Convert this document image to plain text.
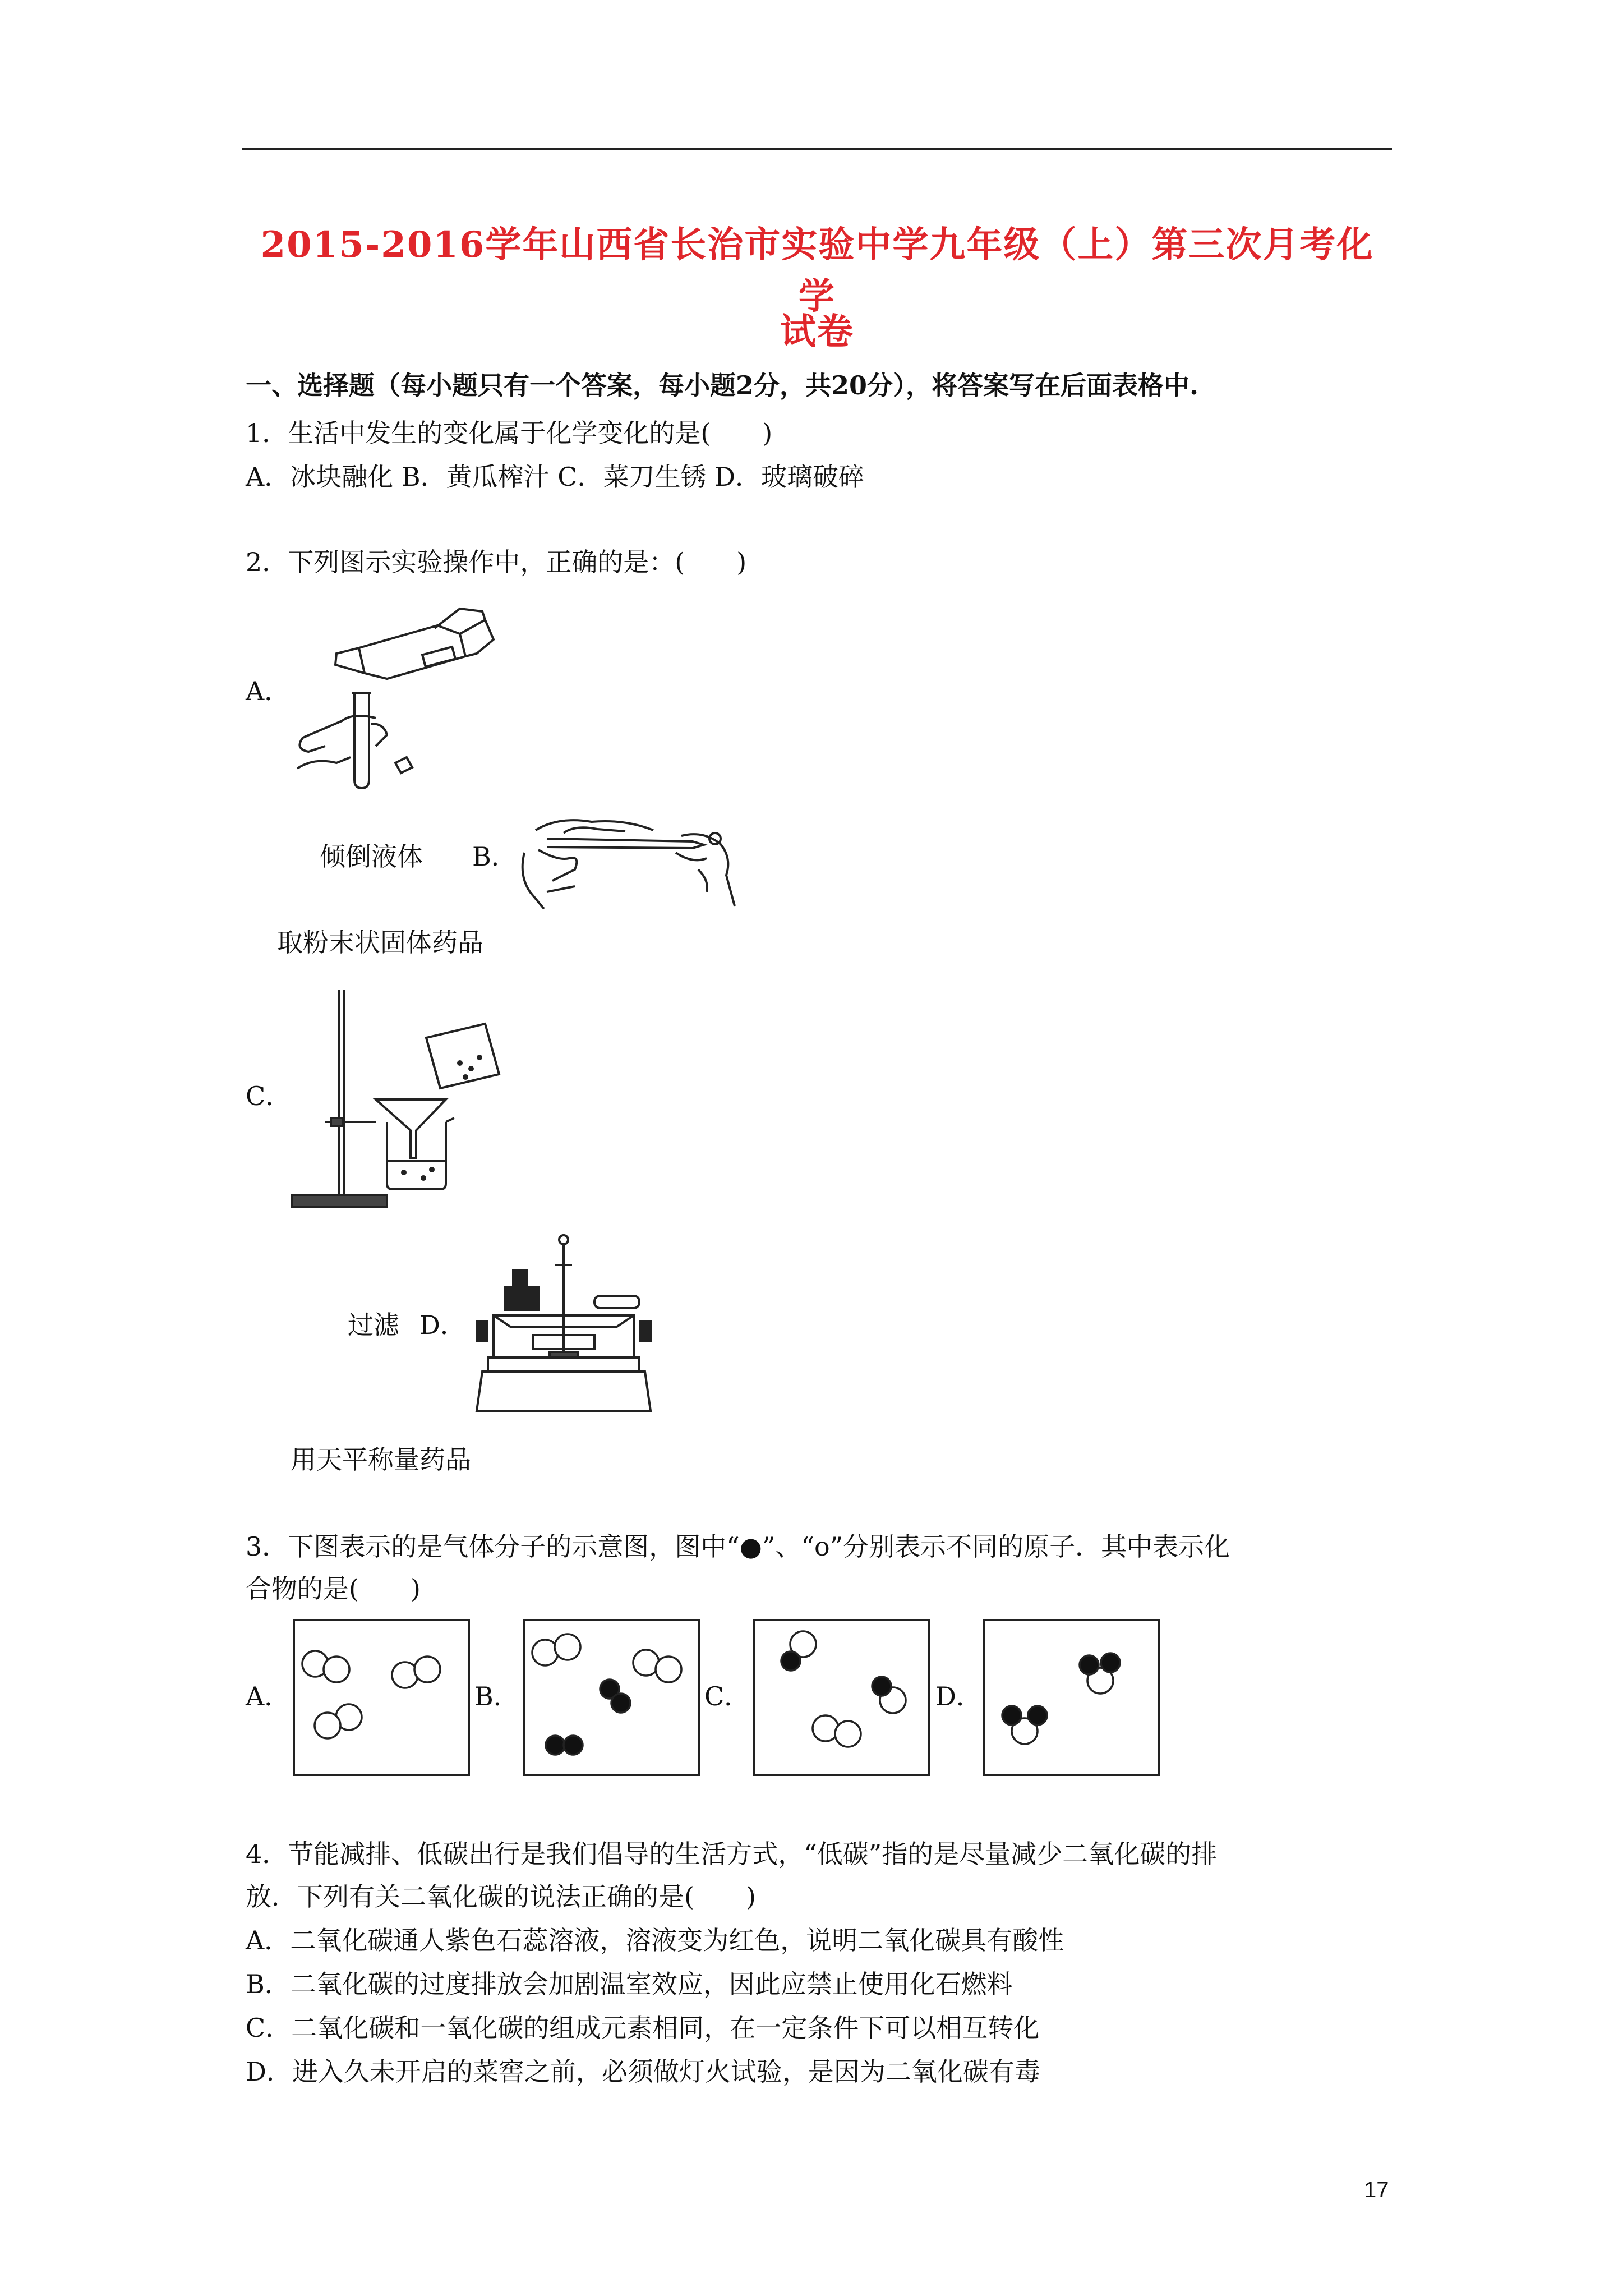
2015-2016学年山西省长治市实验中学九年级（上）第三次月考化学
试卷
一、选择题（每小题只有一个答案，每小题2分，共20分），将答案写在后面表格中.
1．生活中发生的变化属于化学变化的是(　　)
A．冰块融化 B．黄瓜榨汁 C．菜刀生锈 D．玻璃破碎
2．下列图示实验操作中，正确的是：(　　)
A．
倾倒液体 B．
取粉末状固体药品
C．
过滤 D．
用天平称量药品
3．下图表示的是气体分子的示意图，图中“●”、“o”分别表示不同的原子．其中表示化
合物的是(　　)
A．	B．	C．	D．
4．节能减排、低碳出行是我们倡导的生活方式，“低碳”指的是尽量减少二氧化碳的排
放．下列有关二氧化碳的说法正确的是(　　)
A．二氧化碳通人紫色石蕊溶液，溶液变为红色，说明二氧化碳具有酸性
B．二氧化碳的过度排放会加剧温室效应，因此应禁止使用化石燃料
C．二氧化碳和一氧化碳的组成元素相同，在一定条件下可以相互转化
D．进入久未开启的菜窖之前，必须做灯火试验，是因为二氧化碳有毒
17
